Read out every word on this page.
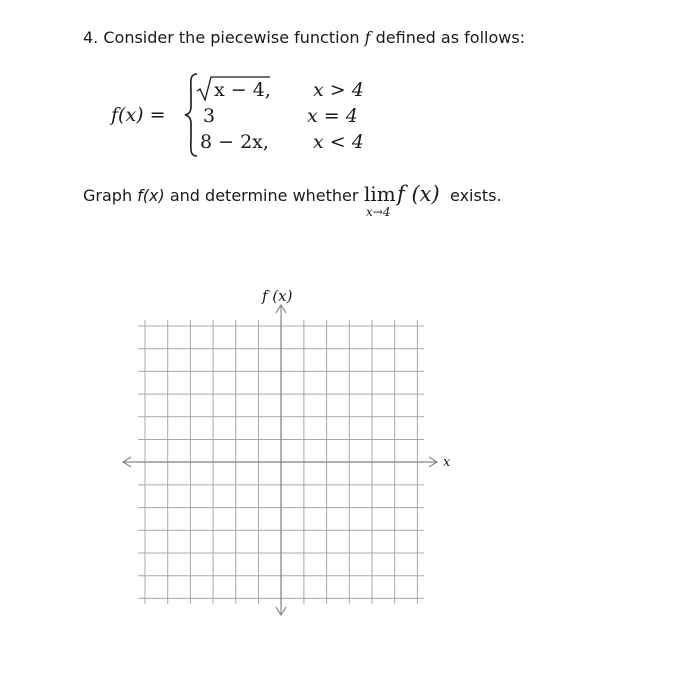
4. Consider the piecewise function f defined as follows:
f(x) =
x − 4, x > 4
3	x = 4
8 − 2x, x < 4
Graph f(x) and determine whether lim
x→4
f (x) exists.
f (x)
x
